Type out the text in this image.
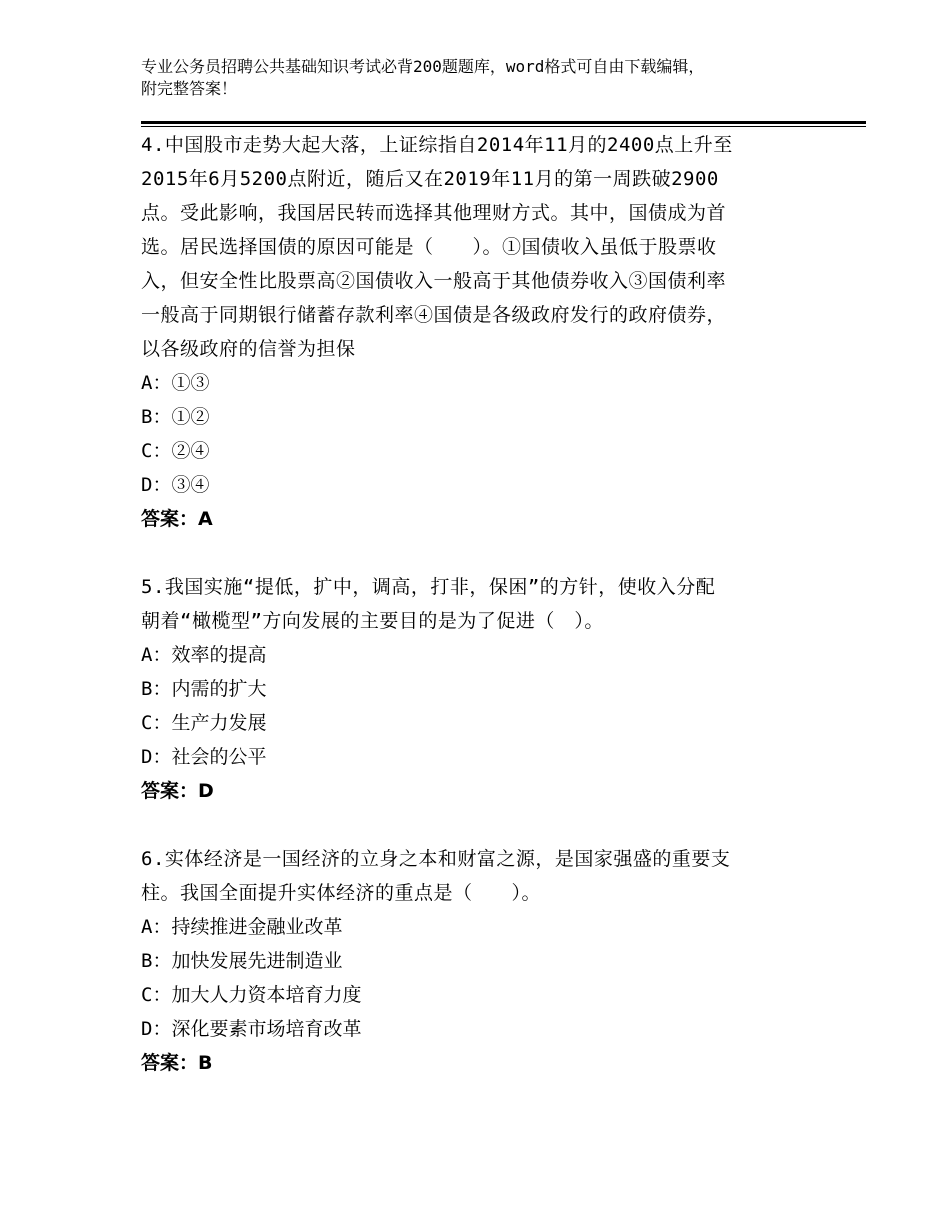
专业公务员招聘公共基础知识考试必背200题题库，word格式可自由下载编辑，
附完整答案！

4.中国股市走势大起大落，上证综指自2014年11月的2400点上升至

2015年6月5200点附近，随后又在2019年11月的第一周跌破2900

点。受此影响，我国居民转而选择其他理财方式。其中，国债成为首

选。居民选择国债的原因可能是（　　）。①国债收入虽低于股票收

入，但安全性比股票高②国债收入一般高于其他债券收入③国债利率

一般高于同期银行储蓄存款利率④国债是各级政府发行的政府债券，

以各级政府的信誉为担保

A：①③

B：①②

C：②④

D：③④

答案：A

5.我国实施“提低，扩中，调高，打非，保困”的方针，使收入分配

朝着“橄榄型”方向发展的主要目的是为了促进（　）。

A：效率的提高

B：内需的扩大

C：生产力发展

D：社会的公平

答案：D

6.实体经济是一国经济的立身之本和财富之源，是国家强盛的重要支

柱。我国全面提升实体经济的重点是（　　）。

A：持续推进金融业改革

B：加快发展先进制造业

C：加大人力资本培育力度

D：深化要素市场培育改革

答案：B
